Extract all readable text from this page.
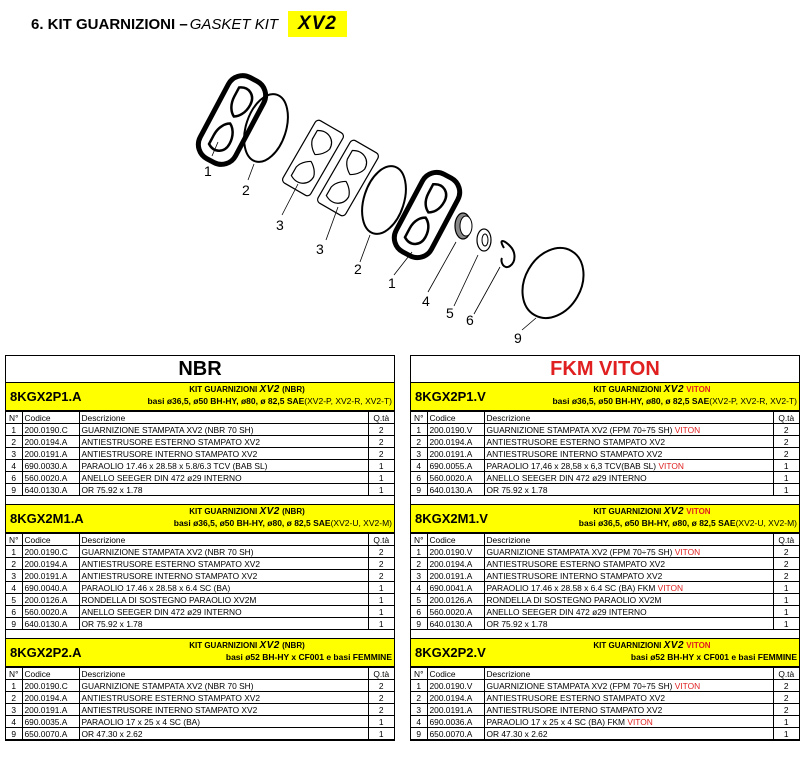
6. KIT GUARNIZIONI – GASKET KIT	XV2
1
2
3
3
2
1
4
5 6
9
NBR
8KGX2P1.A	KIT GUARNIZIONI XV2 (NBR)
basi ø36,5, ø50 BH-HY, ø80, ø 82,5 SAE(XV2-P, XV2-R, XV2-T)
N°	Codice	Descrizione	Q.tà
1	200.0190.C	GUARNIZIONE STAMPATA XV2 (NBR 70 SH)	2
2	200.0194.A	ANTIESTRUSORE ESTERNO STAMPATO XV2	2
3	200.0191.A	ANTIESTRUSORE INTERNO STAMPATO XV2	2
4	690.0030.A	PARAOLIO 17.46 x 28.58 x 5.8/6.3 TCV (BAB SL)	1
6	560.0020.A	ANELLO SEEGER DIN 472 ø29 INTERNO	1
9	640.0130.A	OR 75.92 x 1.78	1
8KGX2M1.A	KIT GUARNIZIONI XV2 (NBR)
basi ø36,5, ø50 BH-HY, ø80, ø 82,5 SAE(XV2-U, XV2-M)
N°	Codice	Descrizione	Q.tà
1	200.0190.C	GUARNIZIONE STAMPATA XV2 (NBR 70 SH)	2
2	200.0194.A	ANTIESTRUSORE ESTERNO STAMPATO XV2	2
3	200.0191.A	ANTIESTRUSORE INTERNO STAMPATO XV2	2
4	690.0040.A	PARAOLIO 17.46 x 28.58 x 6.4 SC (BA)	1
5	200.0126.A	RONDELLA DI SOSTEGNO PARAOLIO XV2M	1
6	560.0020.A	ANELLO SEEGER DIN 472 ø29 INTERNO	1
9	640.0130.A	OR 75.92 x 1.78	1
8KGX2P2.A	KIT GUARNIZIONI XV2 (NBR)
basi ø52 BH-HY x CF001 e basi FEMMINE
N°	Codice	Descrizione	Q.tà
1	200.0190.C	GUARNIZIONE STAMPATA XV2 (NBR 70 SH)	2
2	200.0194.A	ANTIESTRUSORE ESTERNO STAMPATO XV2	2
3	200.0191.A	ANTIESTRUSORE INTERNO STAMPATO XV2	2
4	690.0035.A	PARAOLIO 17 x 25 x 4 SC (BA)	1
9	650.0070.A	OR 47.30 x 2.62	1
FKM VITON
8KGX2P1.V	KIT GUARNIZIONI XV2 VITON
basi ø36,5, ø50 BH-HY, ø80, ø 82,5 SAE(XV2-P, XV2-R, XV2-T)
N°	Codice	Descrizione	Q.tà
1	200.0190.V	GUARNIZIONE STAMPATA XV2 (FPM 70÷75 SH) VITON	2
2	200.0194.A	ANTIESTRUSORE ESTERNO STAMPATO XV2	2
3	200.0191.A	ANTIESTRUSORE INTERNO STAMPATO XV2	2
4	690.0055.A	PARAOLIO 17,46 x 28,58 x 6,3 TCV(BAB SL) VITON	1
6	560.0020.A	ANELLO SEEGER DIN 472 ø29 INTERNO	1
9	640.0130.A	OR 75.92 x 1.78	1
8KGX2M1.V	KIT GUARNIZIONI XV2 VITON
basi ø36,5, ø50 BH-HY, ø80, ø 82,5 SAE(XV2-U, XV2-M)
N°	Codice	Descrizione	Q.tà
1	200.0190.V	GUARNIZIONE STAMPATA XV2 (FPM 70÷75 SH) VITON	2
2	200.0194.A	ANTIESTRUSORE ESTERNO STAMPATO XV2	2
3	200.0191.A	ANTIESTRUSORE INTERNO STAMPATO XV2	2
4	690.0041.A	PARAOLIO 17.46 x 28.58 x 6.4 SC (BA) FKM VITON	1
5	200.0126.A	RONDELLA DI SOSTEGNO PARAOLIO XV2M	1
6	560.0020.A	ANELLO SEEGER DIN 472 ø29 INTERNO	1
9	640.0130.A	OR 75.92 x 1.78	1
8KGX2P2.V	KIT GUARNIZIONI XV2 VITON
basi ø52 BH-HY x CF001 e basi FEMMINE
N°	Codice	Descrizione	Q.tà
1	200.0190.V	GUARNIZIONE STAMPATA XV2 (FPM 70÷75 SH) VITON	2
2	200.0194.A	ANTIESTRUSORE ESTERNO STAMPATO XV2	2
3	200.0191.A	ANTIESTRUSORE INTERNO STAMPATO XV2	2
4	690.0036.A	PARAOLIO 17 x 25 x 4 SC (BA) FKM VITON	1
9	650.0070.A	OR 47.30 x 2.62	1
